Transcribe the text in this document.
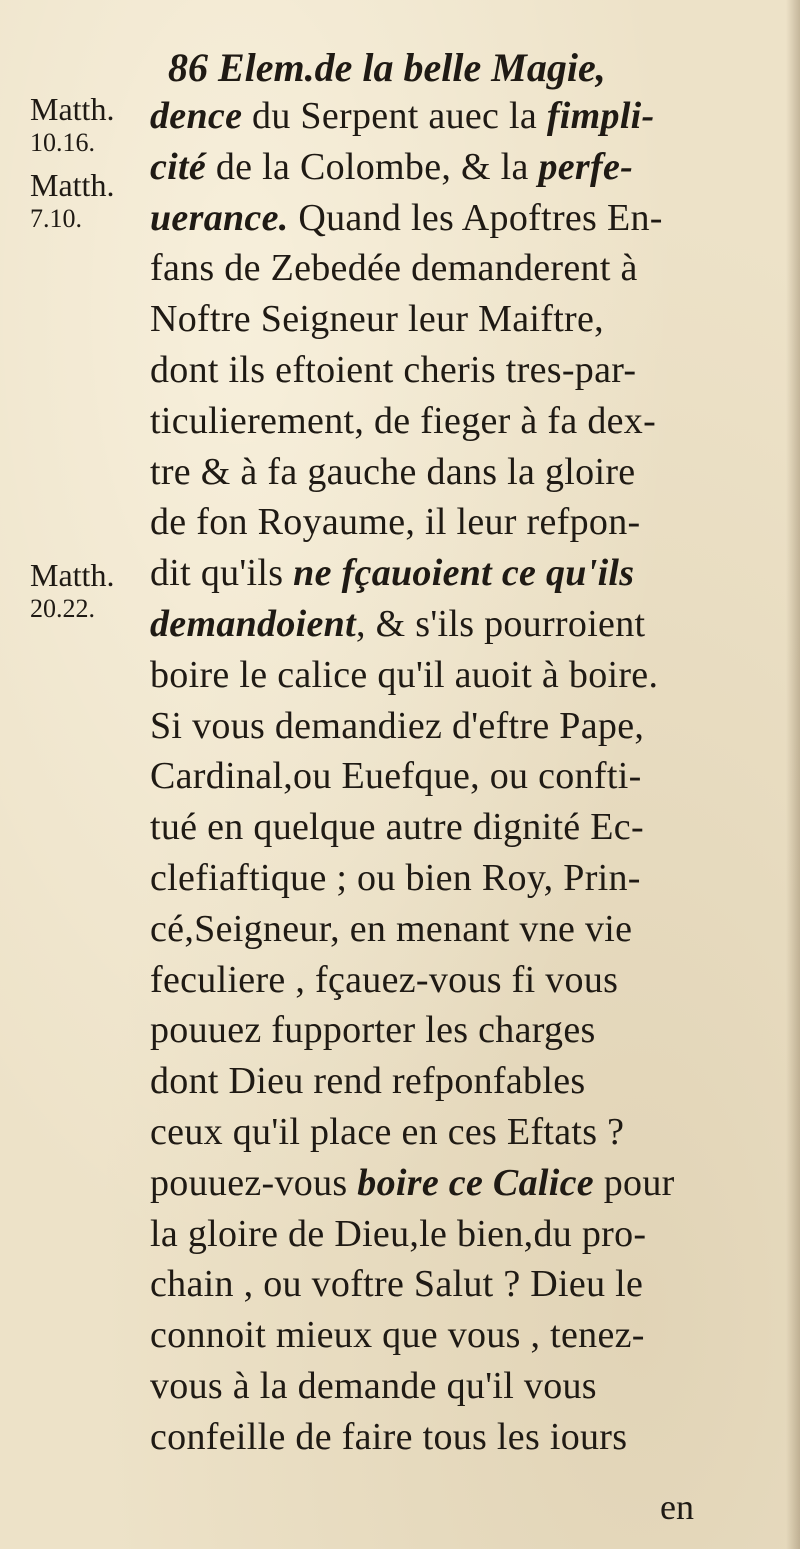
86 Elem.de la belle Magie,
Matth.
10.16.
Matth.
7.10.
Matth.
20.22.
dence du Serpent auec la fimpli-
cité de la Colombe, & la perfe-
uerance. Quand les Apoftres En-
fans de Zebedée demanderent à
Noftre Seigneur leur Maiftre,
dont ils eftoient cheris tres-par-
ticulierement, de fieger à fa dex-
tre & à fa gauche dans la gloire
de fon Royaume, il leur refpon-
dit qu'ils ne fçauoient ce qu'ils
demandoient, & s'ils pourroient
boire le calice qu'il auoit à boire.
Si vous demandiez d'eftre Pape,
Cardinal,ou Euefque, ou confti-
tué en quelque autre dignité Ec-
clefiaftique ; ou bien Roy, Prin-
cé,Seigneur, en menant vne vie
feculiere , fçauez-vous fi vous
pouuez fupporter les charges
dont Dieu rend refponfables
ceux qu'il place en ces Eftats ?
pouuez-vous boire ce Calice pour
la gloire de Dieu,le bien,du pro-
chain , ou voftre Salut ? Dieu le
connoit mieux que vous , tenez-
vous à la demande qu'il vous
confeille de faire tous les iours
en
